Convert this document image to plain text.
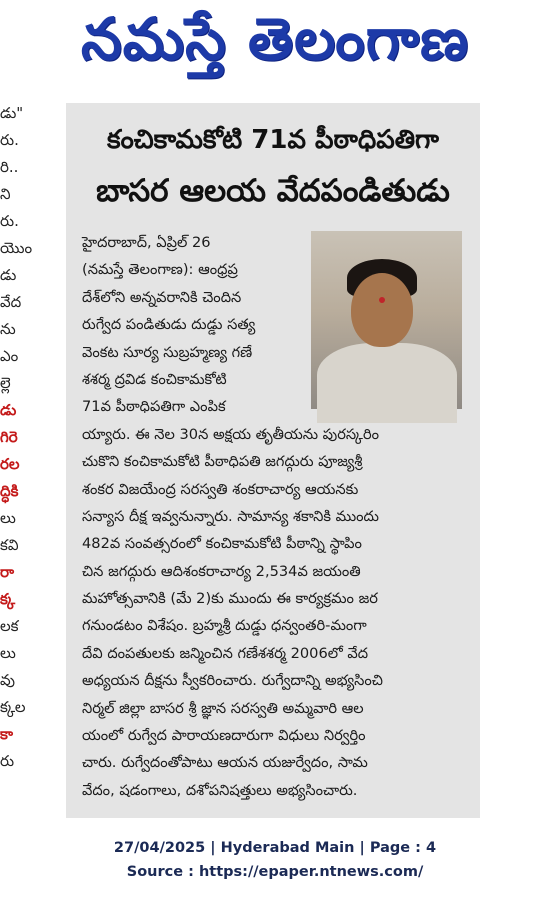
నమస్తే తెలంగాణ
డు"
రు.
రి..
ని
రు.
యొం
డు
వేద
ను
ఎం
ల్లె
డు
గిరె
రల
ద్ధికి
లు
కవి
రా
క్క
లక
లు
వు
క్కల
కా
రు
కంచికామకోటి 71వ పీఠాధిపతిగా
బాసర ఆలయ వేదపండితుడు
హైదరాబాద్, ఏప్రిల్ 26
(నమస్తే తెలంగాణ): ఆంధ్రప్ర
దేశ్‌లోని అన్నవరానికి చెందిన
రుగ్వేద పండితుడు దుడ్డు సత్య
వెంకట సూర్య సుబ్రహ్మణ్య గణే
శశర్మ ద్రవిడ కంచికామకోటి
71వ పీఠాధిపతిగా ఎంపిక
య్యారు. ఈ నెల 30న అక్షయ తృతీయను పురస్కరిం
చుకొని కంచికామకోటి పీఠాధిపతి జగద్గురు పూజ్యశ్రీ
శంకర విజయేంద్ర సరస్వతి శంకరాచార్య ఆయనకు
సన్యాస దీక్ష ఇవ్వనున్నారు. సామాన్య శకానికి ముందు
482వ సంవత్సరంలో కంచికామకోటి పీఠాన్ని స్థాపిం
చిన జగద్గురు ఆదిశంకరాచార్య 2,534వ జయంతి
మహోత్సవానికి (మే 2)కు ముందు ఈ కార్యక్రమం జర
గనుండటం విశేషం. బ్రహ్మశ్రీ దుడ్డు ధన్వంతరి-మంగా
దేవి దంపతులకు జన్మించిన గణేశశర్మ 2006లో వేద
అధ్యయన దీక్షను స్వీకరించారు. రుగ్వేదాన్ని అభ్యసించి
నిర్మల్ జిల్లా బాసర శ్రీ జ్ఞాన సరస్వతి అమ్మవారి ఆల
యంలో రుగ్వేద పారాయణదారుగా విధులు నిర్వర్తిం
చారు. రుగ్వేదంతోపాటు ఆయన యజుర్వేదం, సామ
వేదం, షడంగాలు, దశోపనిషత్తులు అభ్యసించారు.
27/04/2025 | Hyderabad Main | Page : 4
Source : https://epaper.ntnews.com/
